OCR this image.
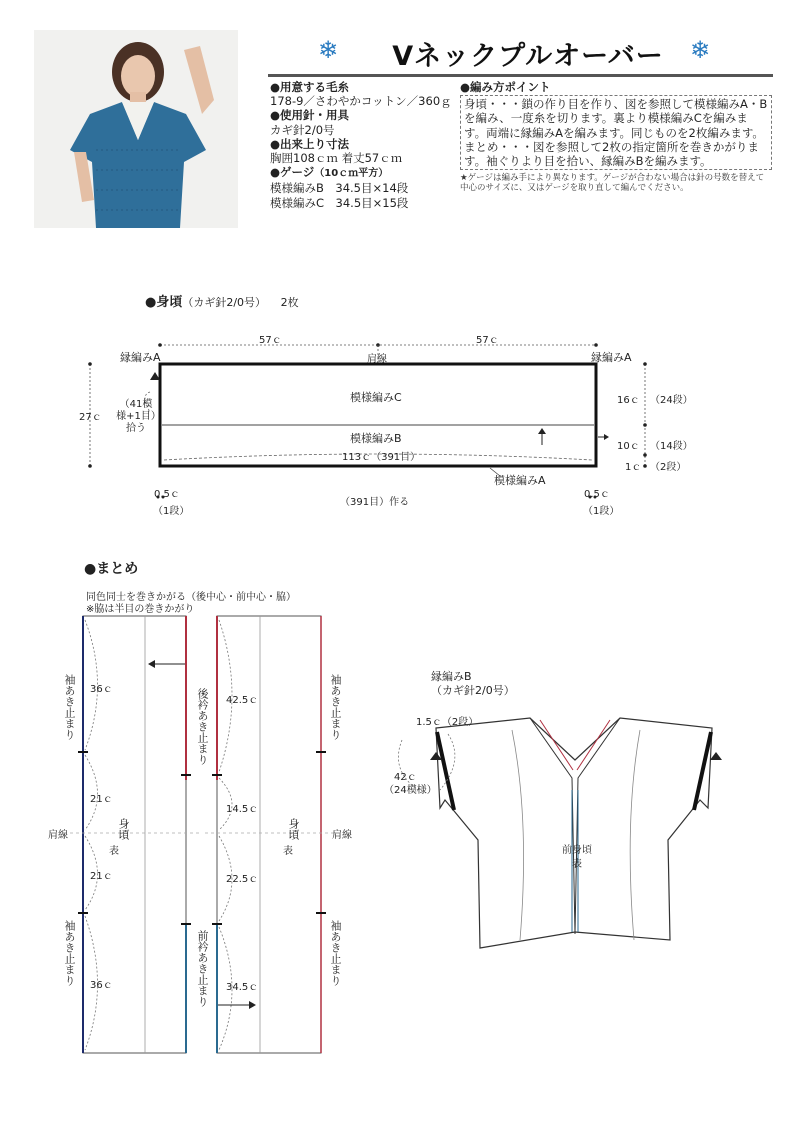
❄	Vネックプルオーバー	❄
●用意する毛糸
178-9／さわやかコットン／360ｇ
●使用針・用具
カギ針2/0号
●出来上り寸法
胸囲108ｃｍ 着丈57ｃｍ
●ゲージ（10ｃｍ平方）
模様編みB　34.5目×14段
模様編みC　34.5目×15段
●編み方ポイント
身頃・・・鎖の作り目を作り、図を参照して模様編みA・Bを編み、一度糸を切ります。裏より模様編みCを編みます。両端に縁編みAを編みます。同じものを2枚編みます。まとめ・・・図を参照して2枚の指定箇所を巻きかがります。袖ぐりより目を拾い、縁編みBを編みます。
★ゲージは編み手により異なります。ゲージが合わない場合は針の号数を替えて中心のサイズに、又はゲージを取り直して編んでください。
●身頃（カギ針2/0号） 2枚
57ｃ	57ｃ
肩線
縁編みA	縁編みA
27ｃ
（41模様+1目）拾う
模様編みC
模様編みB
113ｃ（391目）
模様編みA
16ｃ （24段）
10ｃ （14段）
1ｃ （2段）
0.5ｃ
（1段）
0.5ｃ
（1段）
（391目）作る
●まとめ
同色同士を巻きかがる（後中心・前中心・脇）
※脇は半目の巻きかがり
袖あき止まり
袖あき止まり
袖あき止まり
袖あき止まり
後衿あき止まり
前衿あき止まり
肩線	肩線
身頃
表
身頃
表
36ｃ
21ｃ
21ｃ
36ｃ
42.5ｃ
14.5ｃ
22.5ｃ
34.5ｃ
縁編みB
（カギ針2/0号）
1.5ｃ（2段）
42ｃ
（24模様）
前身頃
表
